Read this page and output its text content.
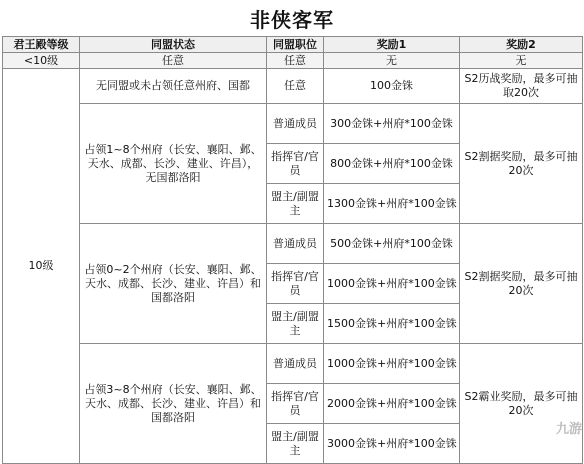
非侠客军
君王殿等级	同盟状态	同盟职位	奖励1	奖励2
<10级	任意	任意	无	无
10级	无同盟或未占领任意州府、国都	任意	100金铢	S2历战奖励，最多可抽取20次
	占领1~8个州府（长安、襄阳、邺、天水、成都、长沙、建业、许昌），无国都洛阳	普通成员	300金铢+州府*100金铢	S2割据奖励，最多可抽20次
		指挥官/官员	800金铢+州府*100金铢	
		盟主/副盟主	1300金铢+州府*100金铢	
	占领0~2个州府（长安、襄阳、邺、天水、成都、长沙、建业、许昌）和国都洛阳	普通成员	500金铢+州府*100金铢	S2割据奖励，最多可抽20次
		指挥官/官员	1000金铢+州府*100金铢	
		盟主/副盟主	1500金铢+州府*100金铢	
	占领3~8个州府（长安、襄阳、邺、天水、成都、长沙、建业、许昌）和国都洛阳	普通成员	1000金铢+州府*100金铢	S2霸业奖励，最多可抽20次
		指挥官/官员	2000金铢+州府*100金铢	
		盟主/副盟主	3000金铢+州府*100金铢	
九游
